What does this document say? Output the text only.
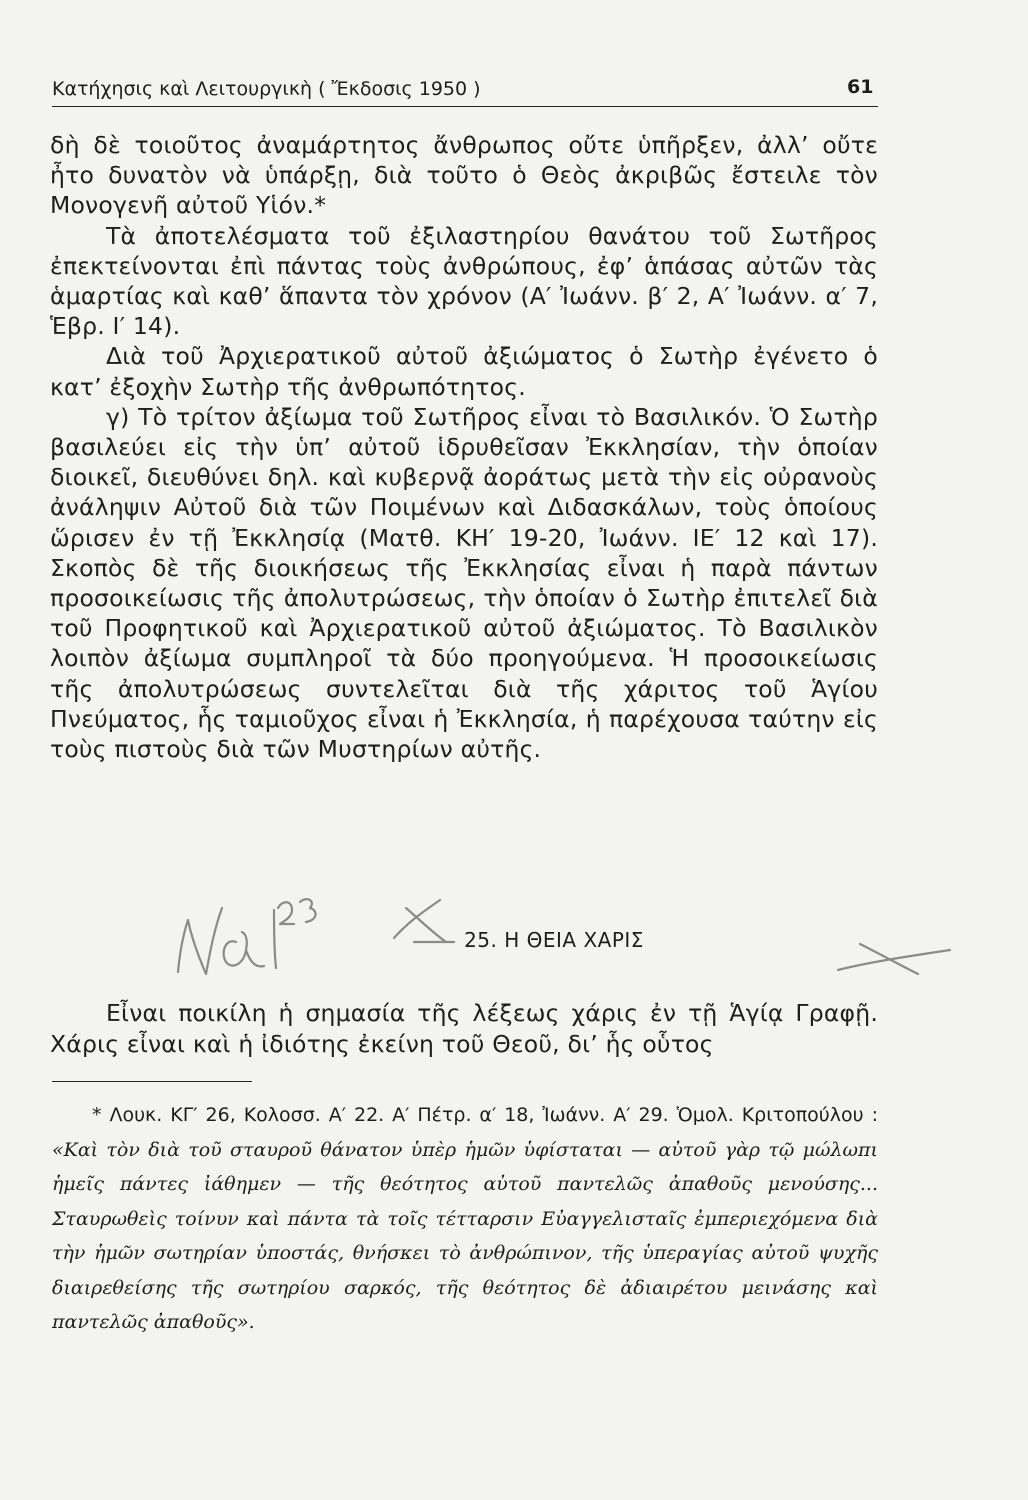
Κατήχησις καὶ Λειτουργικὴ ( Ἔκδοσις 1950 )	61

δὴ δὲ τοιοῦτος ἀναμάρτητος ἄνθρωπος οὔτε ὑπῆρξεν, ἀλλ’ οὔτε ἦτο δυνατὸν νὰ ὑπάρξῃ, διὰ τοῦτο ὁ Θεὸς ἀκριβῶς ἔστειλε τὸν Μονογενῆ αὐτοῦ Υἱόν.*

Τὰ ἀποτελέσματα τοῦ ἐξιλαστηρίου θανάτου τοῦ Σωτῆρος ἐπεκτείνονται ἐπὶ πάντας τοὺς ἀνθρώπους, ἐφ’ ἁπάσας αὐτῶν τὰς ἁμαρτίας καὶ καθ’ ἅπαντα τὸν χρόνον (Α′ Ἰωάνν. β′ 2, Α′ Ἰωάνν. α′ 7, Ἑβρ. Ι′ 14).

Διὰ τοῦ Ἀρχιερατικοῦ αὐτοῦ ἀξιώματος ὁ Σωτὴρ ἐγένετο ὁ κατ’ ἐξοχὴν Σωτὴρ τῆς ἀνθρωπότητος.

γ) Τὸ τρίτον ἀξίωμα τοῦ Σωτῆρος εἶναι τὸ Βασιλικόν. Ὁ Σωτὴρ βασιλεύει εἰς τὴν ὑπ’ αὐτοῦ ἱδρυθεῖσαν Ἐκκλησίαν, τὴν ὁποίαν διοικεῖ, διευθύνει δηλ. καὶ κυβερνᾷ ἀοράτως μετὰ τὴν εἰς οὐρανοὺς ἀνάληψιν Αὐτοῦ διὰ τῶν Ποιμένων καὶ Διδασκάλων, τοὺς ὁποίους ὥρισεν ἐν τῇ Ἐκκλησίᾳ (Ματθ. ΚΗ′ 19-20, Ἰωάνν. ΙΕ′ 12 καὶ 17). Σκοπὸς δὲ τῆς διοικήσεως τῆς Ἐκκλησίας εἶναι ἡ παρὰ πάντων προσοικείωσις τῆς ἀπολυτρώσεως, τὴν ὁποίαν ὁ Σωτὴρ ἐπιτελεῖ διὰ τοῦ Προφητικοῦ καὶ Ἀρχιερατικοῦ αὐτοῦ ἀξιώματος. Τὸ Βασιλικὸν λοιπὸν ἀξίωμα συμπληροῖ τὰ δύο προηγούμενα. Ἡ προσοικείωσις τῆς ἀπολυτρώσεως συντελεῖται διὰ τῆς χάριτος τοῦ Ἁγίου Πνεύματος, ἧς ταμιοῦχος εἶναι ἡ Ἐκκλησία, ἡ παρέχουσα ταύτην εἰς τοὺς πιστοὺς διὰ τῶν Μυστηρίων αὐτῆς.

25. Η ΘΕΙΑ ΧΑΡΙΣ

Εἶναι ποικίλη ἡ σημασία τῆς λέξεως χάρις ἐν τῇ Ἁγίᾳ Γραφῇ. Χάρις εἶναι καὶ ἡ ἰδιότης ἐκείνη τοῦ Θεοῦ, δι’ ἧς οὗτος

* Λουκ. ΚΓ′ 26, Κολοσσ. Α′ 22. Α′ Πέτρ. α′ 18, Ἰωάνν. Α′ 29. Ὁμολ. Κριτοπούλου : «Καὶ τὸν διὰ τοῦ σταυροῦ θάνατον ὑπὲρ ἡμῶν ὑφίσταται — αὐτοῦ γὰρ τῷ μώλωπι ἡμεῖς πάντες ἰάθημεν — τῆς θεότητος αὐτοῦ παντελῶς ἀπαθοῦς μενούσης... Σταυρωθεὶς τοίνυν καὶ πάντα τὰ τοῖς τέτταρσιν Εὐαγγελισταῖς ἐμπεριεχόμενα διὰ τὴν ἡμῶν σωτηρίαν ὑποστάς, θνήσκει τὸ ἀνθρώπινον, τῆς ὑπεραγίας αὐτοῦ ψυχῆς διαιρεθείσης τῆς σωτηρίου σαρκός, τῆς θεότητος δὲ ἀδιαιρέτου μεινάσης καὶ παντελῶς ἀπαθοῦς».
